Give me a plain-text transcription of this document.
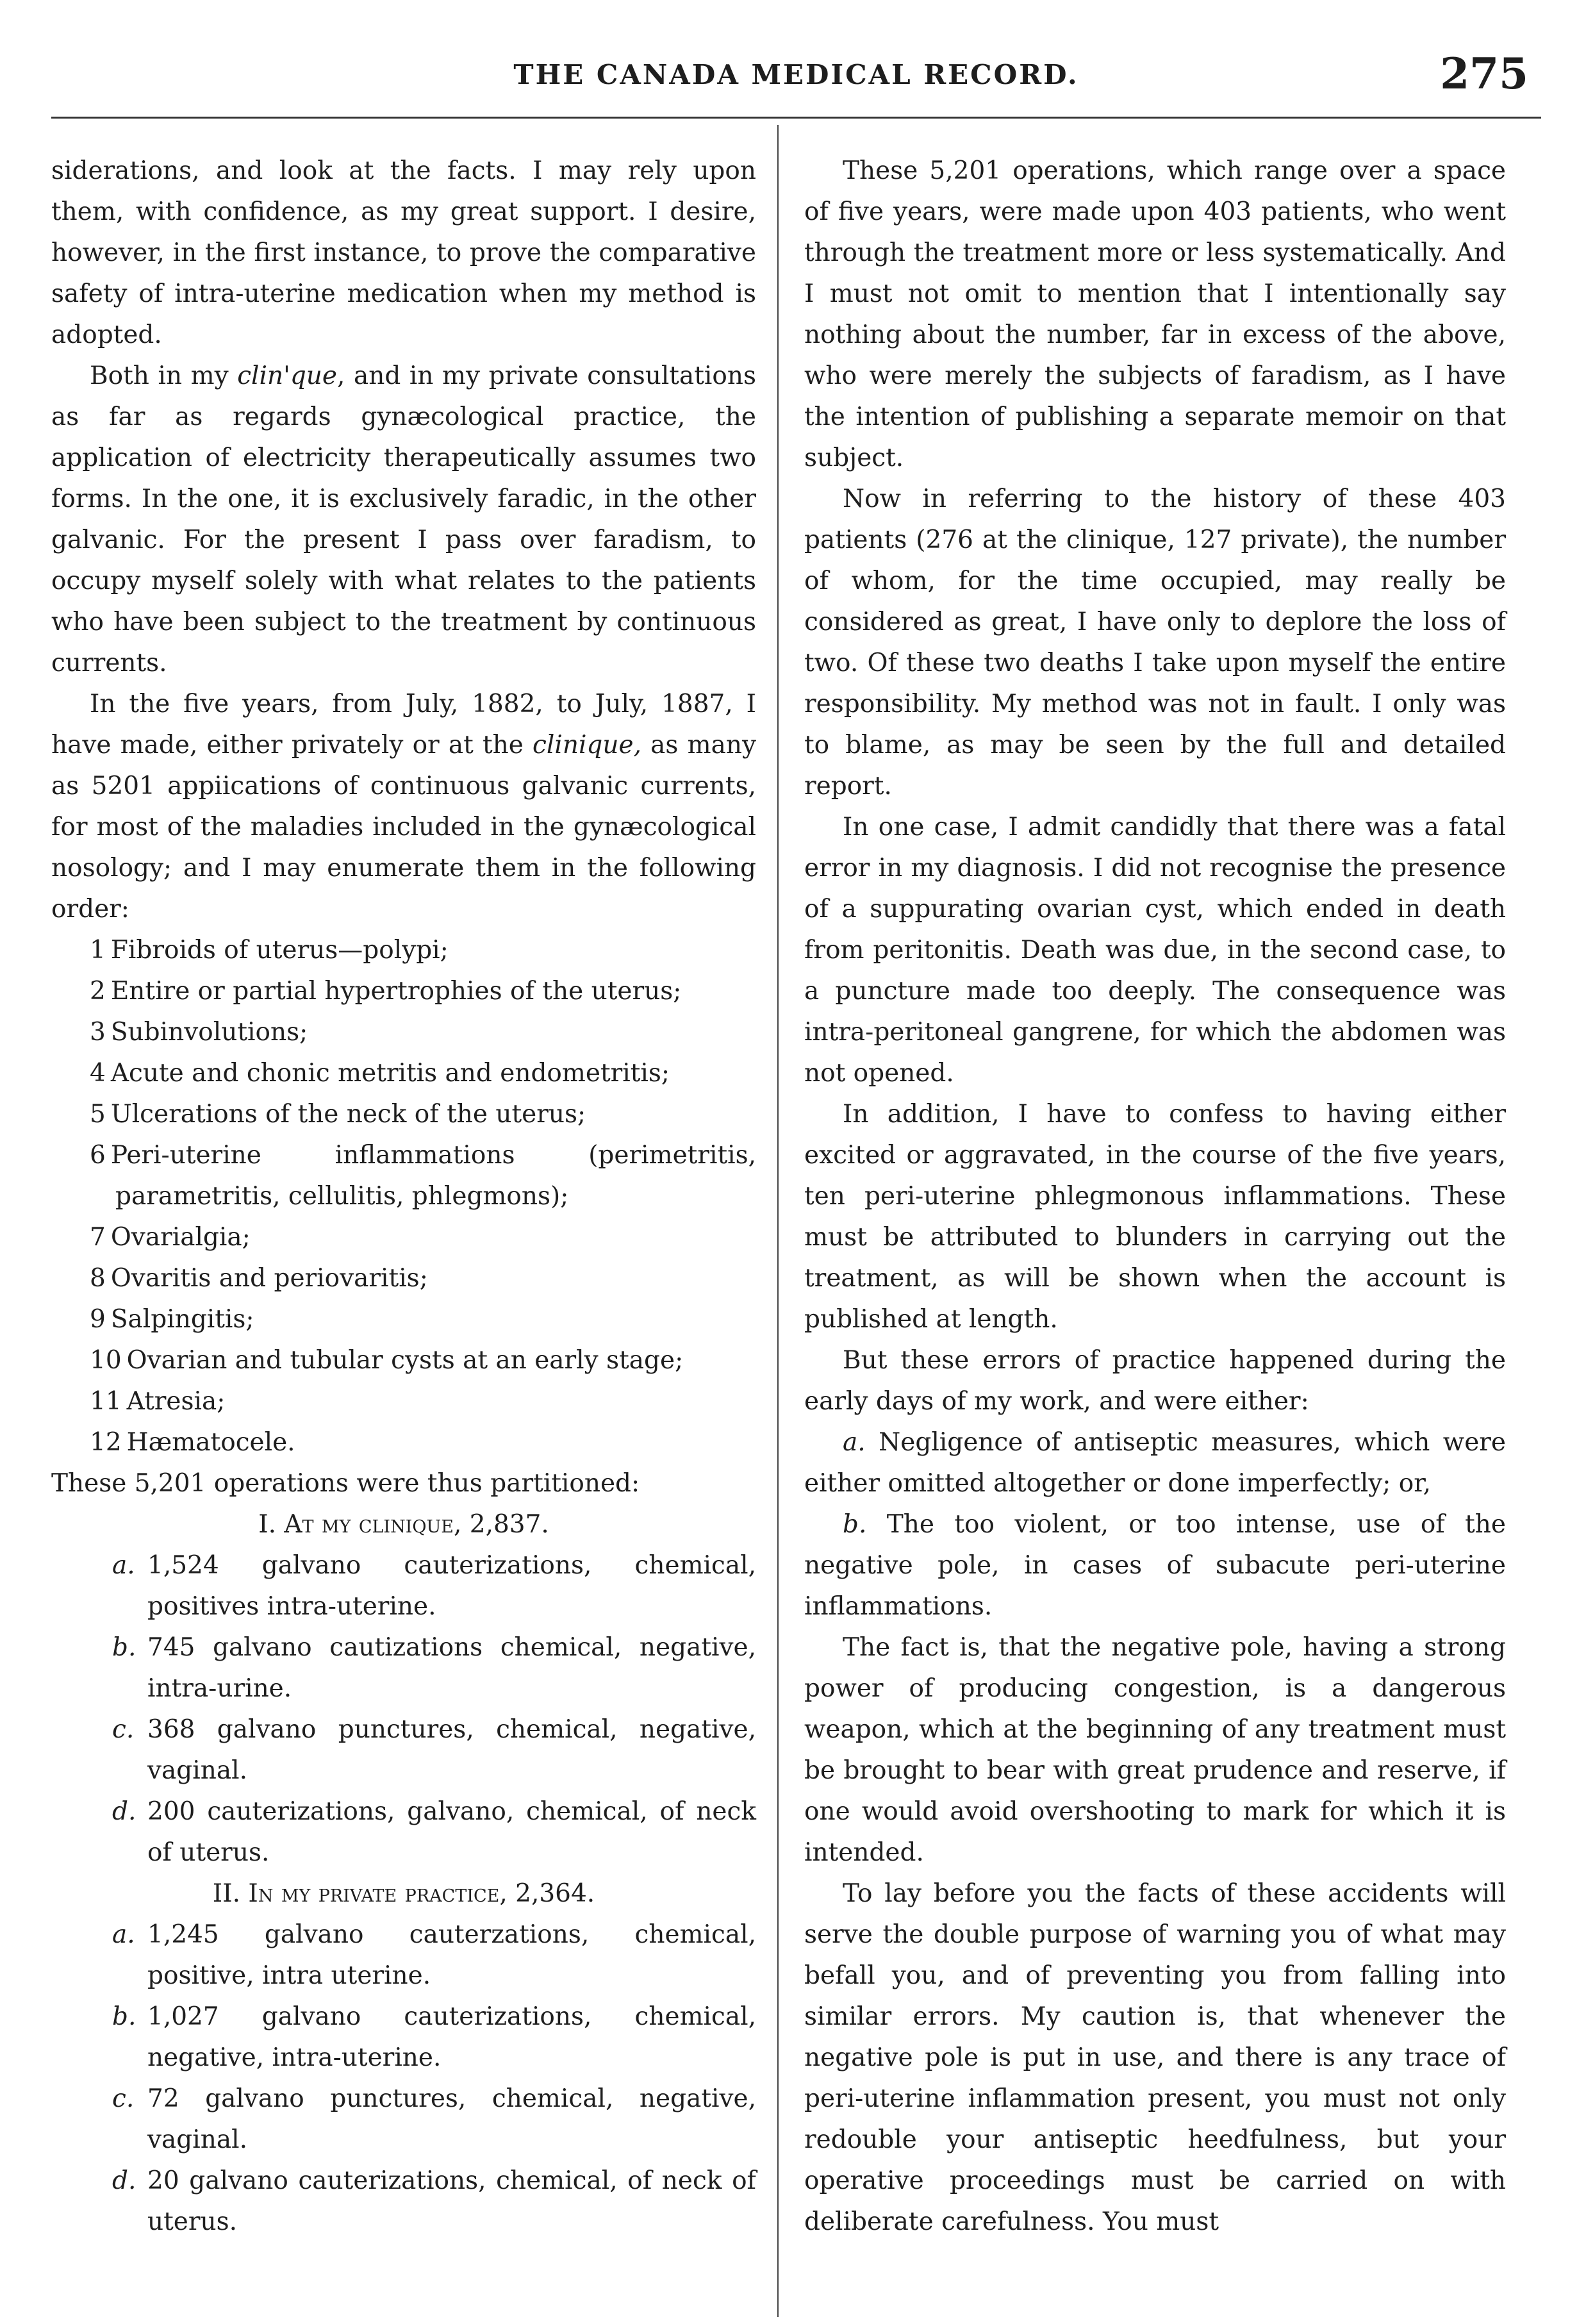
THE CANADA MEDICAL RECORD.	275

siderations, and look at the facts. I may rely upon them, with confidence, as my great support. I desire, however, in the first instance, to prove the comparative safety of intra-uterine medication when my method is adopted.

Both in my clin'que, and in my private consultations as far as regards gynæcological practice, the application of electricity therapeutically assumes two forms. In the one, it is exclusively faradic, in the other galvanic. For the present I pass over faradism, to occupy myself solely with what relates to the patients who have been subject to the treatment by continuous currents.

In the five years, from July, 1882, to July, 1887, I have made, either privately or at the clinique, as many as 5201 appiications of continuous galvanic currents, for most of the maladies included in the gynæcological nosology; and I may enumerate them in the following order:

1 Fibroids of uterus—polypi;

2 Entire or partial hypertrophies of the uterus;

3 Subinvolutions;

4 Acute and chonic metritis and endometritis;

5 Ulcerations of the neck of the uterus;

6 Peri-uterine inflammations (perimetritis, parametritis, cellulitis, phlegmons);

7 Ovarialgia;

8 Ovaritis and periovaritis;

9 Salpingitis;

10 Ovarian and tubular cysts at an early stage;

11 Atresia;

12 Hæmatocele.

These 5,201 operations were thus partitioned:

I. At my clinique, 2,837.

a. 1,524 galvano cauterizations, chemical, positives intra-uterine.

b. 745 galvano cautizations chemical, negative, intra-urine.

c. 368 galvano punctures, chemical, negative, vaginal.

d. 200 cauterizations, galvano, chemical, of neck of uterus.

II. In my private practice, 2,364.

a. 1,245 galvano cauterzations, chemical, positive, intra uterine.

b. 1,027 galvano cauterizations, chemical, negative, intra-uterine.

c. 72 galvano punctures, chemical, negative, vaginal.

d. 20 galvano cauterizations, chemical, of neck of uterus.

These 5,201 operations, which range over a space of five years, were made upon 403 patients, who went through the treatment more or less systematically. And I must not omit to mention that I intentionally say nothing about the number, far in excess of the above, who were merely the subjects of faradism, as I have the intention of publishing a separate memoir on that subject.

Now in referring to the history of these 403 patients (276 at the clinique, 127 private), the number of whom, for the time occupied, may really be considered as great, I have only to deplore the loss of two. Of these two deaths I take upon myself the entire responsibility. My method was not in fault. I only was to blame, as may be seen by the full and detailed report.

In one case, I admit candidly that there was a fatal error in my diagnosis. I did not recognise the presence of a suppurating ovarian cyst, which ended in death from peritonitis. Death was due, in the second case, to a puncture made too deeply. The consequence was intra-peritoneal gangrene, for which the abdomen was not opened.

In addition, I have to confess to having either excited or aggravated, in the course of the five years, ten peri-uterine phlegmonous inflammations. These must be attributed to blunders in carrying out the treatment, as will be shown when the account is published at length.

But these errors of practice happened during the early days of my work, and were either:

a. Negligence of antiseptic measures, which were either omitted altogether or done imperfectly; or,

b. The too violent, or too intense, use of the negative pole, in cases of subacute peri-uterine inflammations.

The fact is, that the negative pole, having a strong power of producing congestion, is a dangerous weapon, which at the beginning of any treatment must be brought to bear with great prudence and reserve, if one would avoid overshooting to mark for which it is intended.

To lay before you the facts of these accidents will serve the double purpose of warning you of what may befall you, and of preventing you from falling into similar errors. My caution is, that whenever the negative pole is put in use, and there is any trace of peri-uterine inflammation present, you must not only redouble your antiseptic heedfulness, but your operative proceedings must be carried on with deliberate carefulness. You must
